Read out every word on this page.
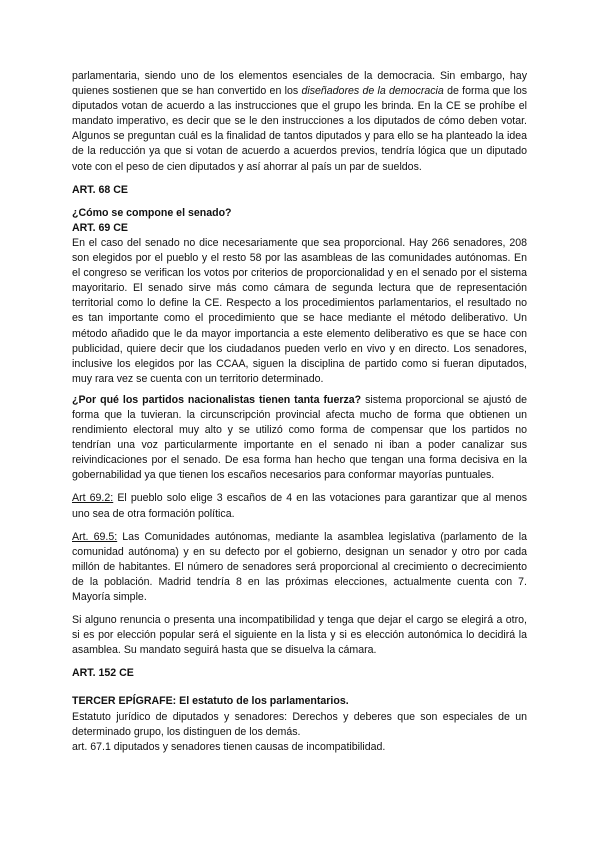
parlamentaria, siendo uno de los elementos esenciales de la democracia. Sin embargo, hay quienes sostienen que se han convertido en los diseñadores de la democracia de forma que los diputados votan de acuerdo a las instrucciones que el grupo les brinda. En la CE se prohíbe el mandato imperativo, es decir que se le den instrucciones a los diputados de cómo deben votar. Algunos se preguntan cuál es la finalidad de tantos diputados y para ello se ha planteado la idea de la reducción ya que si votan de acuerdo a acuerdos previos, tendría lógica que un diputado vote con el peso de cien diputados y así ahorrar al país un par de sueldos.

ART. 68 CE

¿Cómo se compone el senado?

ART. 69 CE

En el caso del senado no dice necesariamente que sea proporcional. Hay 266 senadores, 208 son elegidos por el pueblo y el resto 58 por las asambleas de las comunidades autónomas. En el congreso se verifican los votos por criterios de proporcionalidad y en el senado por el sistema mayoritario. El senado sirve más como cámara de segunda lectura que de representación territorial como lo define la CE. Respecto a los procedimientos parlamentarios, el resultado no es tan importante como el procedimiento que se hace mediante el método deliberativo. Un método añadido que le da mayor importancia a este elemento deliberativo es que se hace con publicidad, quiere decir que los ciudadanos pueden verlo en vivo y en directo. Los senadores, inclusive los elegidos por las CCAA, siguen la disciplina de partido como si fueran diputados, muy rara vez se cuenta con un territorio determinado.

¿Por qué los partidos nacionalistas tienen tanta fuerza? sistema proporcional se ajustó de forma que la tuvieran. la circunscripción provincial afecta mucho de forma que obtienen un rendimiento electoral muy alto y se utilizó como forma de compensar que los partidos no tendrían una voz particularmente importante en el senado ni iban a poder canalizar sus reivindicaciones por el senado. De esa forma han hecho que tengan una forma decisiva en la gobernabilidad ya que tienen los escaños necesarios para conformar mayorías puntuales.

Art 69.2: El pueblo solo elige 3 escaños de 4 en las votaciones para garantizar que al menos uno sea de otra formación política.

Art. 69.5: Las Comunidades autónomas, mediante la asamblea legislativa (parlamento de la comunidad autónoma) y en su defecto por el gobierno, designan un senador y otro por cada millón de habitantes. El número de senadores será proporcional al crecimiento o decrecimiento de la población. Madrid tendría 8 en las próximas elecciones, actualmente cuenta con 7. Mayoría simple.

Si alguno renuncia o presenta una incompatibilidad y tenga que dejar el cargo se elegirá a otro, si es por elección popular será el siguiente en la lista y si es elección autonómica lo decidirá la asamblea. Su mandato seguirá hasta que se disuelva la cámara.

ART. 152 CE

TERCER EPÍGRAFE: El estatuto de los parlamentarios.

Estatuto jurídico de diputados y senadores: Derechos y deberes que son especiales de un determinado grupo, los distinguen de los demás.

art. 67.1 diputados y senadores tienen causas de incompatibilidad.
